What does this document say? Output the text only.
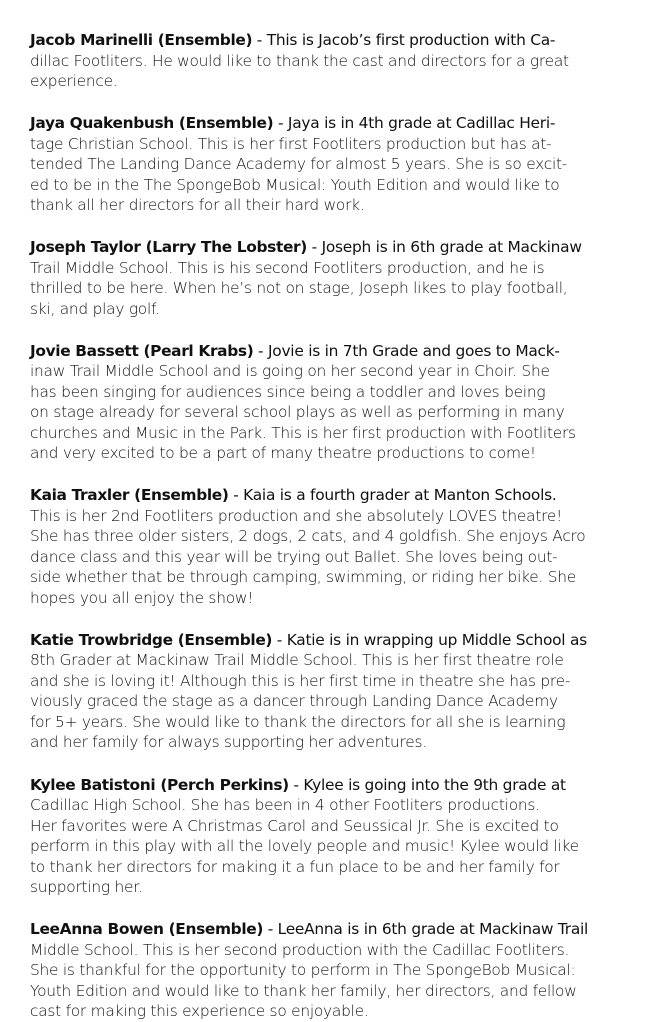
Jacob Marinelli (Ensemble) - This is Jacob’s first production with Ca-
dillac Footliters. He would like to thank the cast and directors for a great
experience.

Jaya Quakenbush (Ensemble) - Jaya is in 4th grade at Cadillac Heri-
tage Christian School. This is her first Footliters production but has at-
tended The Landing Dance Academy for almost 5 years. She is so excit-
ed to be in the The SpongeBob Musical: Youth Edition and would like to
thank all her directors for all their hard work.

Joseph Taylor (Larry The Lobster) - Joseph is in 6th grade at Mackinaw
Trail Middle School. This is his second Footliters production, and he is
thrilled to be here. When he’s not on stage, Joseph likes to play football,
ski, and play golf.

Jovie Bassett (Pearl Krabs) - Jovie is in 7th Grade and goes to Mack-
inaw Trail Middle School and is going on her second year in Choir. She
has been singing for audiences since being a toddler and loves being
on stage already for several school plays as well as performing in many
churches and Music in the Park. This is her first production with Footliters
and very excited to be a part of many theatre productions to come!

Kaia Traxler (Ensemble) - Kaia is a fourth grader at Manton Schools.
This is her 2nd Footliters production and she absolutely LOVES theatre!
She has three older sisters, 2 dogs, 2 cats, and 4 goldfish. She enjoys Acro
dance class and this year will be trying out Ballet. She loves being out-
side whether that be through camping, swimming, or riding her bike. She
hopes you all enjoy the show!

Katie Trowbridge (Ensemble) - Katie is in wrapping up Middle School as
8th Grader at Mackinaw Trail Middle School. This is her first theatre role
and she is loving it! Although this is her first time in theatre she has pre-
viously graced the stage as a dancer through Landing Dance Academy
for 5+ years. She would like to thank the directors for all she is learning
and her family for always supporting her adventures.

Kylee Batistoni (Perch Perkins) - Kylee is going into the 9th grade at
Cadillac High School. She has been in 4 other Footliters productions.
Her favorites were A Christmas Carol and Seussical Jr. She is excited to
perform in this play with all the lovely people and music! Kylee would like
to thank her directors for making it a fun place to be and her family for
supporting her.

LeeAnna Bowen (Ensemble) - LeeAnna is in 6th grade at Mackinaw Trail
Middle School. This is her second production with the Cadillac Footliters.
She is thankful for the opportunity to perform in The SpongeBob Musical:
Youth Edition and would like to thank her family, her directors, and fellow
cast for making this experience so enjoyable.
